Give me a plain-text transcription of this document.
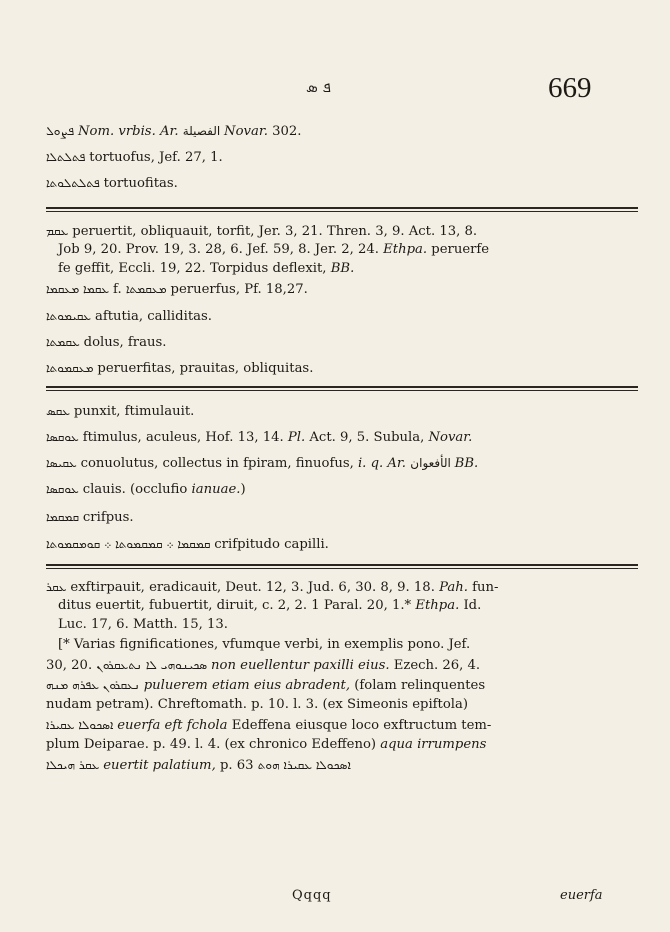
ܦ ܣ	669
ܦܨܘܠ Nom. vrbis. Ar. الفصيلة Novar. 302.
ܦܬܠܬܠܐ tortuofus, Jef. 27, 1.
ܦܬܠܬܠܘܬܐ tortuofitas.
ܥܩܡ peruertit, obliquauit, torfit, Jer. 3, 21. Thren. 3, 9. Act. 13, 8.
Job 9, 20. Prov. 19, 3. 28, 6. Jef. 59, 8. Jer. 2, 24. Ethpa. peruerfe
fe geffit, Eccli. 19, 22. Torpidus deflexit, BB.
ܥܩܡܐ ܡܥܩܡܐ f. ܡܥܩܡܬܐ peruerfus, Pf. 18,27.
ܥܩܝܡܘܬܐ aftutia, calliditas.
ܥܩܡܬܐ dolus, fraus.
ܡܥܩܡܘܬܐ peruerfitas, prauitas, obliquitas.
ܥܩܣ punxit, ftimulauit.
ܥܘܩܣܐ ftimulus, aculeus, Hof. 13, 14. Pl. Act. 9, 5. Subula, Novar.
ܥܩܝܣܐ conuolutus, collectus in fpiram, finuofus, i. q. Ar. الأفعوان BB.
ܥܘܩܣܐ clauis. (occlufio ianuae.)
ܩܡܩܡܐ crifpus.
ܩܡܩܡܐ ܀ ܩܡܩܡܘܬܐ ܀ ܩܘܡܩܡܘܬܐ crifpitudo capilli.
ܥܩܪ exftirpauit, eradicauit, Deut. 12, 3. Jud. 6, 30. 8, 9. 18. Pah. fun-
ditus euertit, fubuertit, diruit, c. 2, 2. 1 Paral. 20, 1.* Ethpa. Id.
Luc. 17, 6. Matth. 15, 13.
[* Varias fignificationes, vfumque verbi, in exemplis pono. Jef.
30, 20. ܣܟܝܢܘܗܝ ܠܐ ܢܬܥܩܪܘܢ non euellentur paxilli eius. Ezech. 26, 4.
ܢܥܩܪܘܢ ܥܦܪܗ ܡܢܗ puluerem etiam eius abradent, (folam relinquentes
nudam petram). Chreftomath. p. 10. l. 3. (ex Simeonis epiftola)
ܐܣܟܘܠܐ ܥܩܝܪܐ euerfa eft fchola Edeffena eiusque loco exftructum tem-
plum Deiparae. p. 49. l. 4. (ex chronico Edeffeno) aqua irrumpens
ܥܩܪ ܗܝܟܠܐ euertit palatium, p. 63 ܐܣܟܘܠܐ ܥܩܝܪܐ ܗܘܬ
Qqqq	euerfa
